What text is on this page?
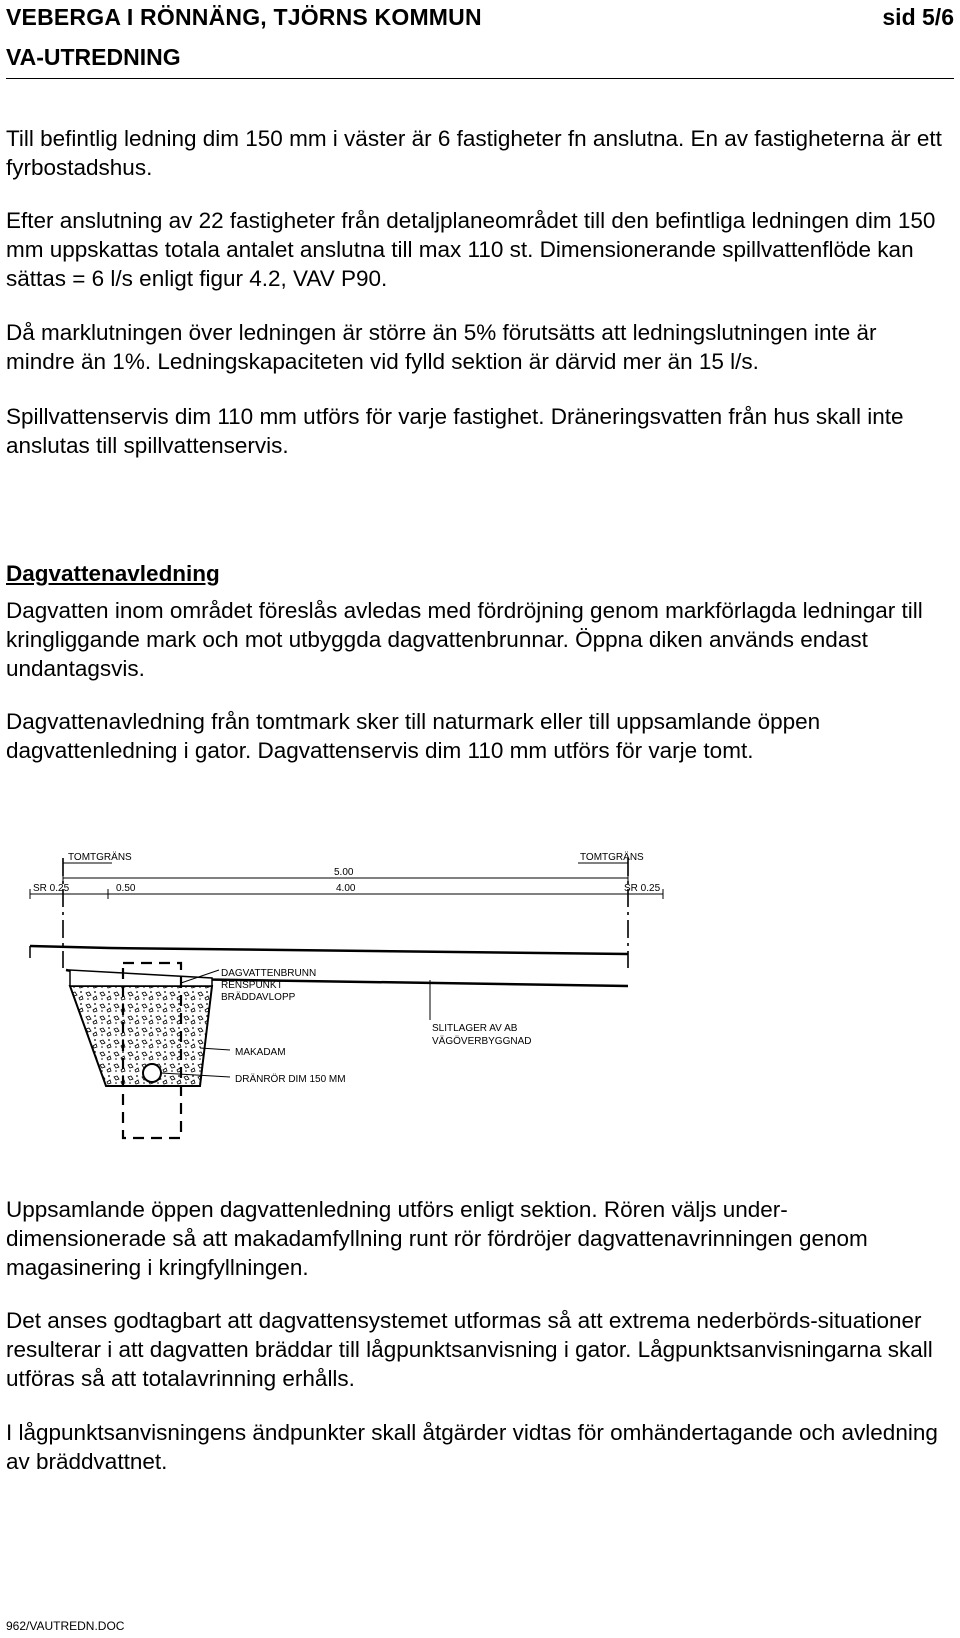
VEBERGA I RÖNNÄNG, TJÖRNS KOMMUN	sid 5/6
VA-UTREDNING

Till befintlig ledning dim 150 mm i väster är 6 fastigheter fn anslutna. En av fastigheterna är ett fyrbostadshus.

Efter anslutning av 22 fastigheter från detaljplaneområdet till den befintliga ledningen dim 150 mm uppskattas totala antalet anslutna till max 110 st. Dimensionerande spillvattenflöde kan sättas = 6 l/s enligt figur 4.2, VAV P90.

Då marklutningen över ledningen är större än 5% förutsätts att ledningslutningen inte är mindre än 1%. Ledningskapaciteten vid fylld sektion är därvid mer än 15 l/s.

Spillvattenservis dim 110 mm utförs för varje fastighet. Dräneringsvatten från hus skall inte anslutas till spillvattenservis.

Dagvattenavledning

Dagvatten inom området föreslås avledas med fördröjning genom markförlagda ledningar till kringliggande mark och mot utbyggda dagvattenbrunnar. Öppna diken används endast undantagsvis.

Dagvattenavledning från tomtmark sker till naturmark eller till uppsamlande öppen dagvattenledning i gator. Dagvattenservis dim 110 mm utförs för varje tomt.

TOMTGRÄNS	TOMTGRÄNS
5.00
SR 0.25	0.50	4.00	SR 0.25
DAGVATTENBRUNN
RENSPUNKT
BRÄDDAVLOPP
SLITLAGER AV AB
VÄGÖVERBYGGNAD
MAKADAM
DRÄNRÖR DIM 150 MM

Uppsamlande öppen dagvattenledning utförs enligt sektion. Rören väljs under-dimensionerade så att makadamfyllning runt rör fördröjer dagvattenavrinningen genom magasinering i kringfyllningen.

Det anses godtagbart att dagvattensystemet utformas så att extrema nederbörds-situationer resulterar i att dagvatten bräddar till lågpunktsanvisning i gator. Lågpunktsanvisningarna skall utföras så att totalavrinning erhålls.

I lågpunktsanvisningens ändpunkter skall åtgärder vidtas för omhändertagande och avledning av bräddvattnet.

962/VAUTREDN.DOC
